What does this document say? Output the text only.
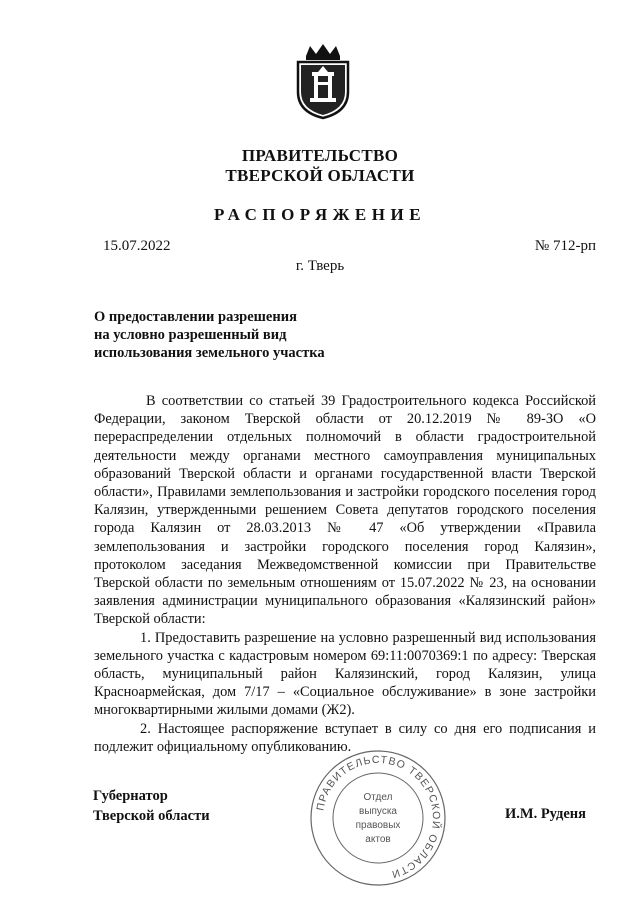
ПРАВИТЕЛЬСТВО
ТВЕРСКОЙ ОБЛАСТИ
РАСПОРЯЖЕНИЕ
15.07.2022	№ 712-рп
г. Тверь
О предоставлении разрешения
на условно разрешенный вид
использования земельного участка

В соответствии со статьей 39 Градостроительного кодекса Российской Федерации, законом Тверской области от 20.12.2019 № 89-ЗО «О перераспределении отдельных полномочий в области градостроительной деятельности между органами местного самоуправления муниципальных образований Тверской области и органами государственной власти Тверской области», Правилами землепользования и застройки городского поселения город Калязин, утвержденными решением Совета депутатов городского поселения города Калязин от 28.03.2013 № 47 «Об утверждении «Правила землепользования и застройки городского поселения город Калязин», протоколом заседания Межведомственной комиссии при Правительстве Тверской области по земельным отношениям от 15.07.2022 № 23, на основании заявления администрации муниципального образования «Калязинский район» Тверской области:

1. Предоставить разрешение на условно разрешенный вид использования земельного участка с кадастровым номером 69:11:0070369:1 по адресу: Тверская область, муниципальный район Калязинский, город Калязин, улица Красноармейская, дом 7/17 – «Социальное обслуживание» в зоне застройки многоквартирными жилыми домами (Ж2).

2. Настоящее распоряжение вступает в силу со дня его подписания и подлежит официальному опубликованию.

Губернатор
Тверской области	И.М. Руденя
ПРАВИТЕЛЬСТВО ТВЕРСКОЙ ОБЛАСТИ
Отдел
выпуска
правовых
актов
